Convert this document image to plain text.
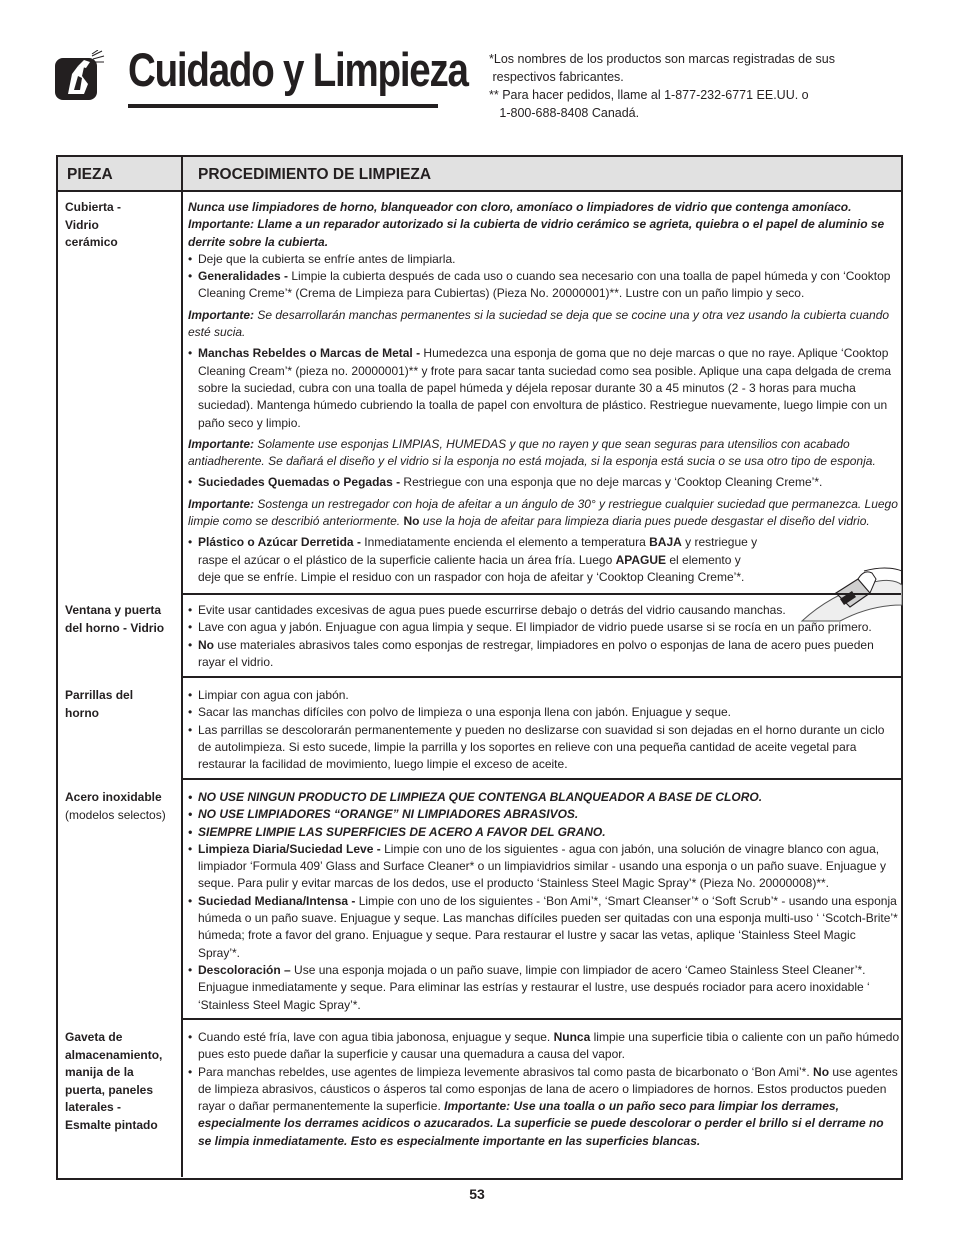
Cuidado y Limpieza *Los nombres de los productos son marcas registradas de sus
respectivos fabricantes.
** Para hacer pedidos, llame al 1-877-232-6771 EE.UU. o
1-800-688-8408 Canadá.
PIEZA	PROCEDIMIENTO DE LIMPIEZA
Cubierta -
Vidrio
cerámico

Nunca use limpiadores de horno, blanqueador con cloro, amoníaco o limpiadores de vidrio que contenga amoníaco.

Importante: Llame a un reparador autorizado si la cubierta de vidrio cerámico se agrieta, quiebra o el papel de aluminio se derrite sobre la cubierta.

• Deje que la cubierta se enfríe antes de limpiarla.

• Generalidades - Limpie la cubierta después de cada uso o cuando sea necesario con una toalla de papel húmeda y con ‘Cooktop Cleaning Creme’* (Crema de Limpieza para Cubiertas) (Pieza No. 20000001)**. Lustre con un paño limpio y seco.

Importante: Se desarrollarán manchas permanentes si la suciedad se deja que se cocine una y otra vez usando la cubierta cuando esté sucia.

• Manchas Rebeldes o Marcas de Metal - Humedezca una esponja de goma que no deje marcas o que no raye. Aplique ‘Cooktop Cleaning Cream’* (pieza no. 20000001)** y frote para sacar tanta suciedad como sea posible. Aplique una capa delgada de crema sobre la suciedad, cubra con una toalla de papel húmeda y déjela reposar durante 30 a 45 minutos (2 - 3 horas para mucha suciedad). Mantenga húmedo cubriendo la toalla de papel con envoltura de plástico. Restriegue nuevamente, luego limpie con un paño seco y limpio.

Importante: Solamente use esponjas LIMPIAS, HUMEDAS y que no rayen y que sean seguras para utensilios con acabado antiadherente. Se dañará el diseño y el vidrio si la esponja no está mojada, si la esponja está sucia o se usa otro tipo de esponja.

• Suciedades Quemadas o Pegadas - Restriegue con una esponja que no deje marcas y ‘Cooktop Cleaning Creme’*.

Importante: Sostenga un restregador con hoja de afeitar a un ángulo de 30° y restriegue cualquier suciedad que permanezca. Luego limpie como se describió anteriormente. No use la hoja de afeitar para limpieza diaria pues puede desgastar el diseño del vidrio.

• Plástico o Azúcar Derretida - Inmediatamente encienda el elemento a temperatura BAJA y restriegue y
raspe el azúcar o el plástico de la superficie caliente hacia un área fría. Luego APAGUE el elemento y
deje que se enfríe. Limpie el residuo con un raspador con hoja de afeitar y ‘Cooktop Cleaning Creme’*.

Ventana y puerta
del horno - Vidrio

• Evite usar cantidades excesivas de agua pues puede escurrirse debajo o detrás del vidrio causando manchas.

• Lave con agua y jabón. Enjuague con agua limpia y seque. El limpiador de vidrio puede usarse si se rocía en un paño primero.

• No use materiales abrasivos tales como esponjas de restregar, limpiadores en polvo o esponjas de lana de acero pues pueden rayar el vidrio.

Parrillas del
horno

• Limpiar con agua con jabón.

• Sacar las manchas difíciles con polvo de limpieza o una esponja llena con jabón. Enjuague y seque.

• Las parrillas se descolorarán permanentemente y pueden no deslizarse con suavidad si son dejadas en el horno durante un ciclo de autolimpieza. Si esto sucede, limpie la parrilla y los soportes en relieve con una pequeña cantidad de aceite vegetal para restaurar la facilidad de movimiento, luego limpie el exceso de aceite.

Acero inoxidable
(modelos selectos)

• NO USE NINGUN PRODUCTO DE LIMPIEZA QUE CONTENGA BLANQUEADOR A BASE DE CLORO.

• NO USE LIMPIADORES “ORANGE” NI LIMPIADORES ABRASIVOS.

• SIEMPRE LIMPIE LAS SUPERFICIES DE ACERO A FAVOR DEL GRANO.

• Limpieza Diaria/Suciedad Leve - Limpie con uno de los siguientes - agua con jabón, una solución de vinagre blanco con agua, limpiador ‘Formula 409’ Glass and Surface Cleaner* o un limpiavidrios similar - usando una esponja o un paño suave. Enjuague y seque. Para pulir y evitar marcas de los dedos, use el producto ‘Stainless Steel Magic Spray’* (Pieza No. 20000008)**.

• Suciedad Mediana/Intensa - Limpie con uno de los siguientes - ‘Bon Ami’*, ‘Smart Cleanser’* o ‘Soft Scrub’* - usando una esponja húmeda o un paño suave. Enjuague y seque. Las manchas difíciles pueden ser quitadas con una esponja multi-uso ‘ ‘Scotch-Brite’* húmeda; frote a favor del grano. Enjuague y seque. Para restaurar el lustre y sacar las vetas, aplique ‘Stainless Steel Magic Spray’*.

• Descoloración – Use una esponja mojada o un paño suave, limpie con limpiador de acero ‘Cameo Stainless Steel Cleaner’*. Enjuague inmediatamente y seque. Para eliminar las estrías y restaurar el lustre, use después rociador para acero inoxidable ‘ ‘Stainless Steel Magic Spray’*.

Gaveta de
almacenamiento,
manija de la
puerta, paneles
laterales -
Esmalte pintado

• Cuando esté fría, lave con agua tibia jabonosa, enjuague y seque. Nunca limpie una superficie tibia o caliente con un paño húmedo pues esto puede dañar la superficie y causar una quemadura a causa del vapor.

• Para manchas rebeldes, use agentes de limpieza levemente abrasivos tal como pasta de bicarbonato o ‘Bon Ami’*. No use agentes de limpieza abrasivos, cáusticos o ásperos tal como esponjas de lana de acero o limpiadores de hornos. Estos productos pueden rayar o dañar permanentemente la superficie. Importante: Use una toalla o un paño seco para limpiar los derrames, especialmente los derrames acidicos o azucarados. La superficie se puede descolorar o perder el brillo si el derrame no se limpia inmediatamente. Esto es especialmente importante en las superficies blancas.

53
